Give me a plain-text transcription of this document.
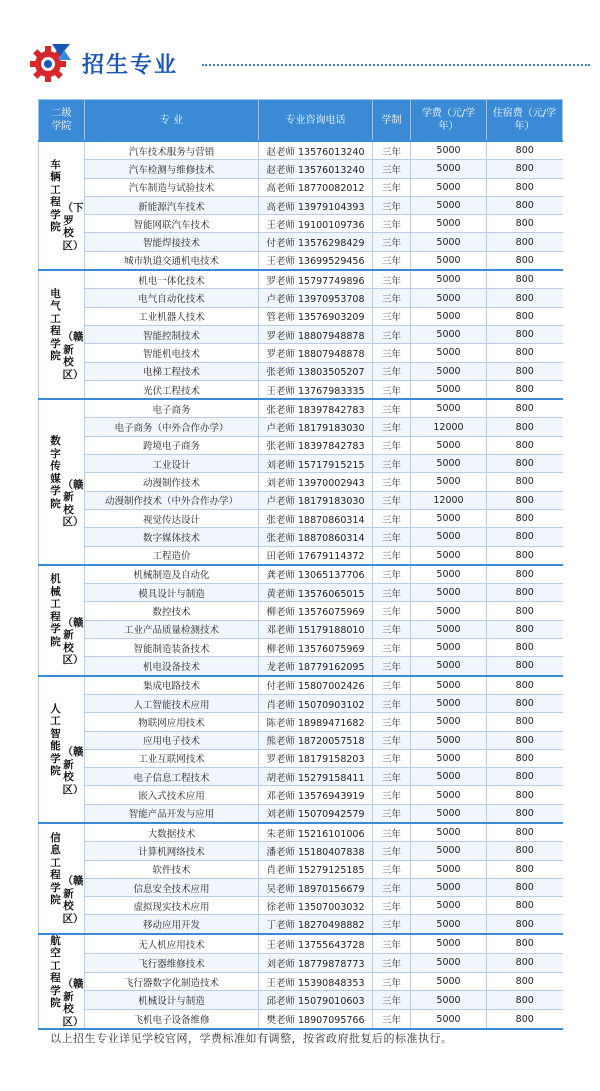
招生专业
二级学院	专 业	专业咨询电话	学制	学费（元/学年）	住宿费（元/学年）
车辆工程学院（下罗校区）	汽车技术服务与营销	赵老师 13576013240	三年	5000	800
	汽车检测与维修技术	赵老师 13576013240	三年	5000	800
	汽车制造与试验技术	高老师 18770082012	三年	5000	800
	新能源汽车技术	高老师 13979104393	三年	5000	800
	智能网联汽车技术	王老师 19100109736	三年	5000	800
	智能焊接技术	付老师 13576298429	三年	5000	800
	城市轨道交通机电技术	王老师 13699529456	三年	5000	800
电气工程学院（赣新校区）	机电一体化技术	罗老师 15797749896	三年	5000	800
	电气自动化技术	卢老师 13970953708	三年	5000	800
	工业机器人技术	管老师 13576903209	三年	5000	800
	智能控制技术	罗老师 18807948878	三年	5000	800
	智能机电技术	罗老师 18807948878	三年	5000	800
	电梯工程技术	张老师 13803505207	三年	5000	800
	光伏工程技术	王老师 13767983335	三年	5000	800
数字传媒学院（赣新校区）	电子商务	张老师 18397842783	三年	5000	800
	电子商务（中外合作办学）	卢老师 18179183030	三年	12000	800
	跨境电子商务	张老师 18397842783	三年	5000	800
	工业设计	刘老师 15717915215	三年	5000	800
	动漫制作技术	刘老师 13970002943	三年	5000	800
	动漫制作技术（中外合作办学）	卢老师 18179183030	三年	12000	800
	视觉传达设计	张老师 18870860314	三年	5000	800
	数字媒体技术	张老师 18870860314	三年	5000	800
	工程造价	田老师 17679114372	三年	5000	800
机械工程学院（赣新校区）	机械制造及自动化	龚老师 13065137706	三年	5000	800
	模具设计与制造	黄老师 13576065015	三年	5000	800
	数控技术	柳老师 13576075969	三年	5000	800
	工业产品质量检测技术	邓老师 15179188010	三年	5000	800
	智能制造装备技术	柳老师 13576075969	三年	5000	800
	机电设备技术	龙老师 18779162095	三年	5000	800
人工智能学院（赣新校区）	集成电路技术	付老师 15807002426	三年	5000	800
	人工智能技术应用	肖老师 15070903102	三年	5000	800
	物联网应用技术	陈老师 18989471682	三年	5000	800
	应用电子技术	熊老师 18720057518	三年	5000	800
	工业互联网技术	罗老师 18179158203	三年	5000	800
	电子信息工程技术	胡老师 15279158411	三年	5000	800
	嵌入式技术应用	邓老师 13576943919	三年	5000	800
	智能产品开发与应用	刘老师 15070942579	三年	5000	800
信息工程学院（赣新校区）	大数据技术	朱老师 15216101006	三年	5000	800
	计算机网络技术	潘老师 15180407838	三年	5000	800
	软件技术	肖老师 15279125185	三年	5000	800
	信息安全技术应用	吴老师 18970156679	三年	5000	800
	虚拟现实技术应用	徐老师 13507003032	三年	5000	800
	移动应用开发	丁老师 18270498882	三年	5000	800
航空工程学院（赣新校区）	无人机应用技术	王老师 13755643728	三年	5000	800
	飞行器维修技术	刘老师 18779878773	三年	5000	800
	飞行器数字化制造技术	王老师 15390848353	三年	5000	800
	机械设计与制造	邱老师 15079010603	三年	5000	800
	飞机电子设备维修	樊老师 18907095766	三年	5000	800
以上招生专业详见学校官网，学费标准如有调整，按省政府批复后的标准执行。
